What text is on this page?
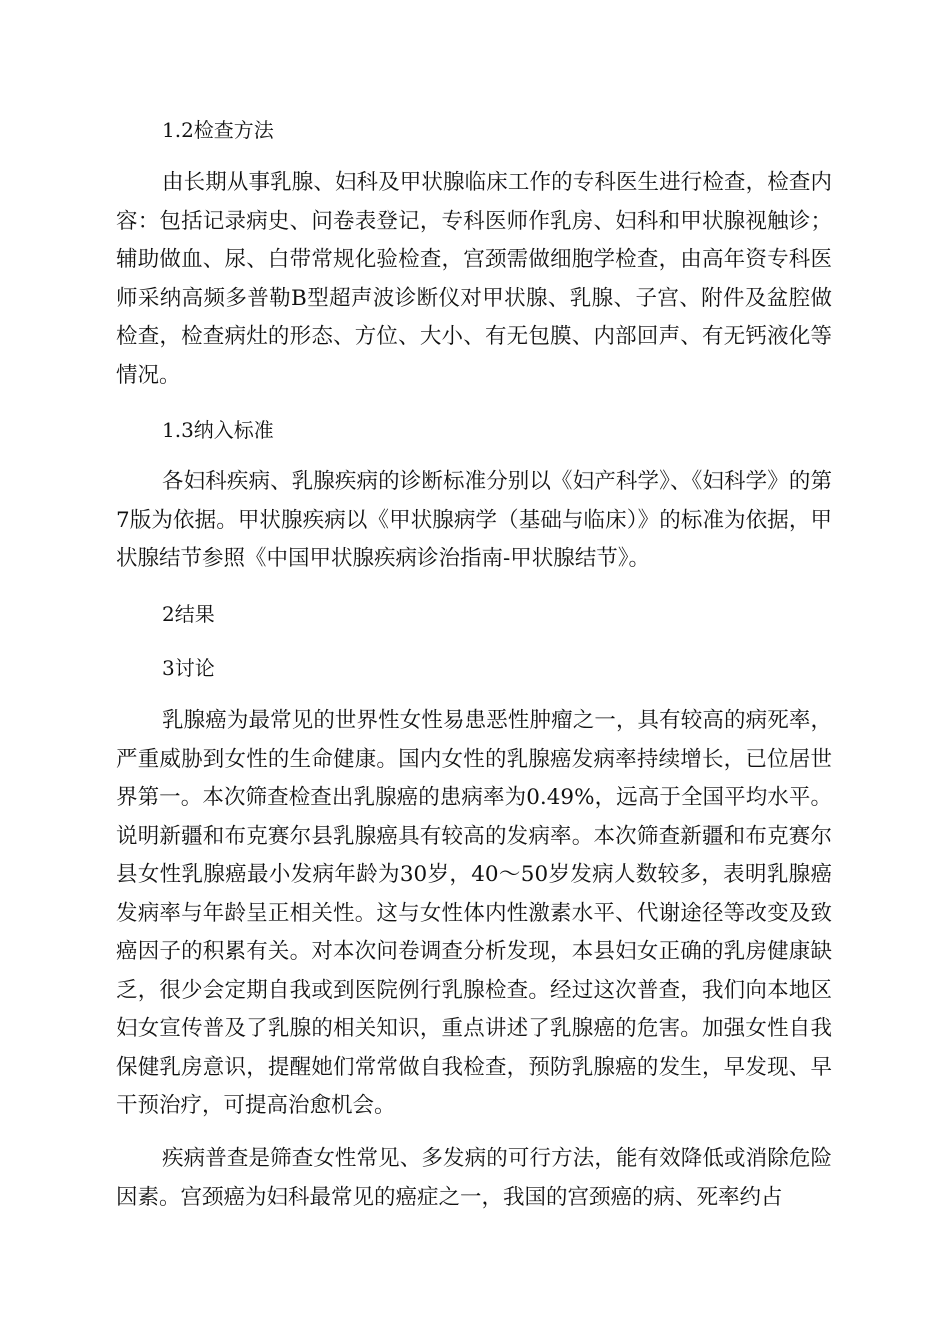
1.2检查方法

由长期从事乳腺、妇科及甲状腺临床工作的专科医生进行检查，检查内容：包括记录病史、问卷表登记，专科医师作乳房、妇科和甲状腺视触诊；辅助做血、尿、白带常规化验检查，宫颈需做细胞学检查，由高年资专科医师采纳高频多普勒B型超声波诊断仪对甲状腺、乳腺、子宫、附件及盆腔做检查，检查病灶的形态、方位、大小、有无包膜、内部回声、有无钙液化等情况。

1.3纳入标准

各妇科疾病、乳腺疾病的诊断标准分别以《妇产科学》、《妇科学》的第7版为依据。甲状腺疾病以《甲状腺病学（基础与临床）》的标准为依据，甲状腺结节参照《中国甲状腺疾病诊治指南-甲状腺结节》。

2结果
3讨论

乳腺癌为最常见的世界性女性易患恶性肿瘤之一，具有较高的病死率，严重威胁到女性的生命健康。国内女性的乳腺癌发病率持续增长，已位居世界第一。本次筛查检查出乳腺癌的患病率为0.49%，远高于全国平均水平。说明新疆和布克赛尔县乳腺癌具有较高的发病率。本次筛查新疆和布克赛尔县女性乳腺癌最小发病年龄为30岁，40～50岁发病人数较多，表明乳腺癌发病率与年龄呈正相关性。这与女性体内性激素水平、代谢途径等改变及致癌因子的积累有关。对本次问卷调查分析发现，本县妇女正确的乳房健康缺乏，很少会定期自我或到医院例行乳腺检查。经过这次普查，我们向本地区妇女宣传普及了乳腺的相关知识，重点讲述了乳腺癌的危害。加强女性自我保健乳房意识，提醒她们常常做自我检查，预防乳腺癌的发生，早发现、早干预治疗，可提高治愈机会。

疾病普查是筛查女性常见、多发病的可行方法，能有效降低或消除危险因素。宫颈癌为妇科最常见的癌症之一，我国的宫颈癌的病、死率约占
